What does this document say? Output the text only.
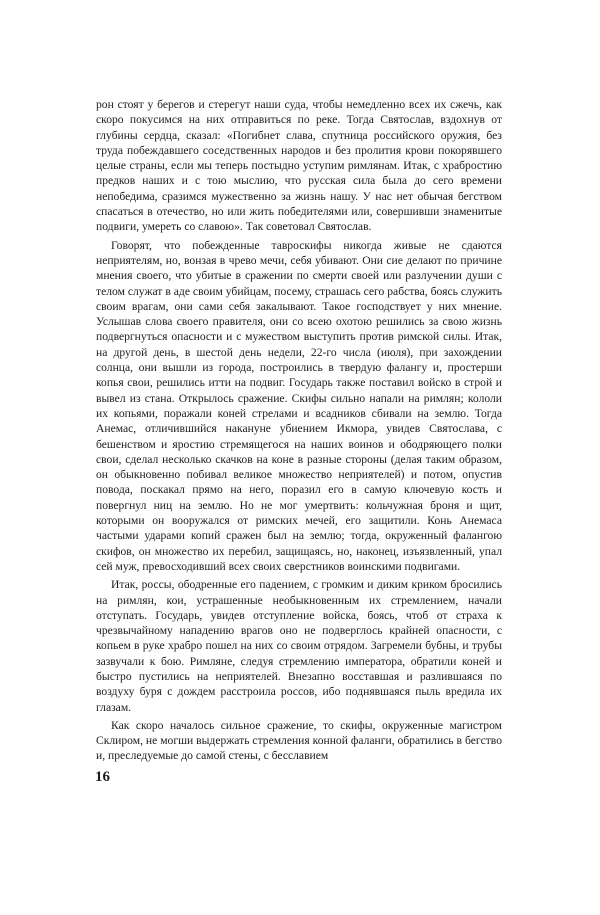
рон стоят у берегов и стерегут наши суда, чтобы немедленно всех их сжечь, как скоро покусимся на них отправиться по реке. Тогда Святослав, вздохнув от глубины сердца, сказал: «Погибнет слава, спутница российского оружия, без труда побеждавшего соседственных народов и без пролития крови покорявшего целые страны, если мы теперь постыдно уступим римлянам. Итак, с храбростию предков наших и с тою мыслию, что русская сила была до сего времени непобедима, сразимся мужественно за жизнь нашу. У нас нет обычая бегством спасаться в отечество, но или жить победителями или, совершивши знаменитые подвиги, умереть со славою». Так советовал Святослав.

Говорят, что побежденные тавроскифы никогда живые не сдаются неприятелям, но, вонзая в чрево мечи, себя убивают. Они сие делают по причине мнения своего, что убитые в сражении по смерти своей или разлучении души с телом служат в аде своим убийцам, посему, страшась сего рабства, боясь служить своим врагам, они сами себя закалывают. Такое господствует у них мнение. Услышав слова своего правителя, они со всею охотою решились за свою жизнь подвергнуться опасности и с мужеством выступить против римской силы. Итак, на другой день, в шестой день недели, 22-го числа (июля), при захождении солнца, они вышли из города, построились в твердую фалангу и, простерши копья свои, решились итти на подвиг. Государь также поставил войско в строй и вывел из стана. Открылось сражение. Скифы сильно напали на римлян; кололи их копьями, поражали коней стрелами и всадников сбивали на землю. Тогда Анемас, отличившийся накануне убиением Икмора, увидев Святослава, с бешенством и яростию стремящегося на наших воинов и ободряющего полки свои, сделал несколько скачков на коне в разные стороны (делая таким образом, он обыкновенно побивал великое множество неприятелей) и потом, опустив повода, поскакал прямо на него, поразил его в самую ключевую кость и повергнул ниц на землю. Но не мог умертвить: кольчужная броня и щит, которыми он вооружался от римских мечей, его защитили. Конь Анемаса частыми ударами копий сражен был на землю; тогда, окруженный фалангою скифов, он множество их перебил, защищаясь, но, наконец, изъязвленный, упал сей муж, превосходивший всех своих сверстников воинскими подвигами.

Итак, россы, ободренные его падением, с громким и диким криком бросились на римлян, кои, устрашенные необыкновенным их стремлением, начали отступать. Государь, увидев отступление войска, боясь, чтоб от страха к чрезвычайному нападению врагов оно не подверглось крайней опасности, с копьем в руке храбро пошел на них со своим отрядом. Загремели бубны, и трубы зазвучали к бою. Римляне, следуя стремлению императора, обратили коней и быстро пустились на неприятелей. Внезапно восставшая и разлившаяся по воздуху буря с дождем расстроила россов, ибо поднявшаяся пыль вредила их глазам.

Как скоро началось сильное сражение, то скифы, окруженные магистром Склиром, не могши выдержать стремления конной фаланги, обратились в бегство и, преследуемые до самой стены, с бесславием

16
